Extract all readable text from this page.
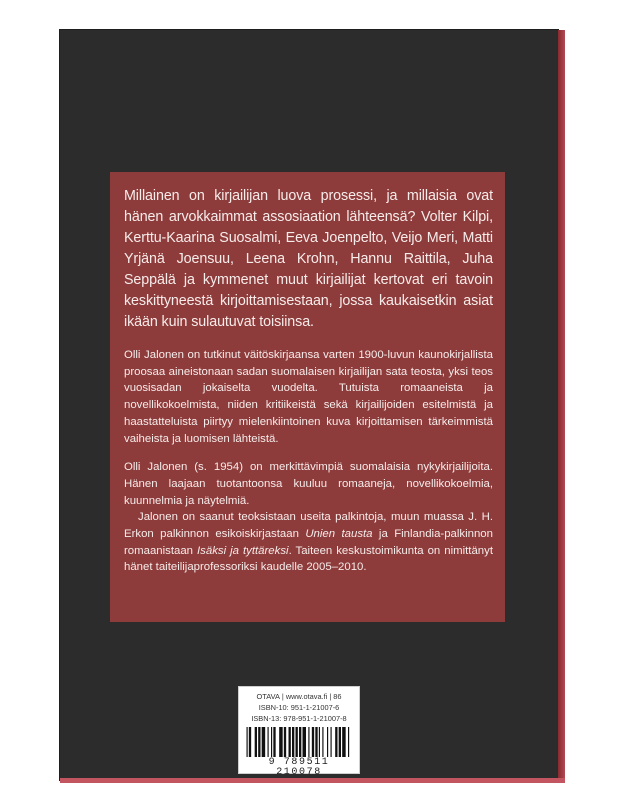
Millainen on kirjailijan luova prosessi, ja millaisia ovat hänen arvokkaimmat assosiaation lähteensä? Volter Kilpi, Kerttu-Kaarina Suosalmi, Eeva Joenpelto, Veijo Meri, Matti Yrjänä Joensuu, Leena Krohn, Hannu Raittila, Juha Seppälä ja kymmenet muut kirjailijat kertovat eri tavoin keskittyneestä kirjoittamisestaan, jossa kaukaisetkin asiat ikään kuin sulautuvat toisiinsa.

Olli Jalonen on tutkinut väitöskirjaansa varten 1900-luvun kaunokirjallista proosaa aineistonaan sadan suomalaisen kirjailijan sata teosta, yksi teos vuosisadan jokaiselta vuodelta. Tutuista romaaneista ja novellikokoelmista, niiden kritiikeistä sekä kirjailijoiden esitelmistä ja haastatteluista piirtyy mielenkiintoinen kuva kirjoittamisen tärkeimmistä vaiheista ja luomisen lähteistä.

Olli Jalonen (s. 1954) on merkittävimpiä suomalaisia nykykirjailijoita. Hänen laajaan tuotantoonsa kuuluu romaaneja, novellikokoelmia, kuunnelmia ja näytelmiä.

Jalonen on saanut teoksistaan useita palkintoja, muun muassa J. H. Erkon palkinnon esikoiskirjastaan Unien tausta ja Finlandia-palkinnon romaanistaan Isäksi ja tyttäreksi. Taiteen keskustoimikunta on nimittänyt hänet taiteilijaprofessoriksi kaudelle 2005–2010.

OTAVA | www.otava.fi | 86
ISBN-10: 951-1-21007-6
ISBN-13: 978-951-1-21007-8
9 789511 210078
